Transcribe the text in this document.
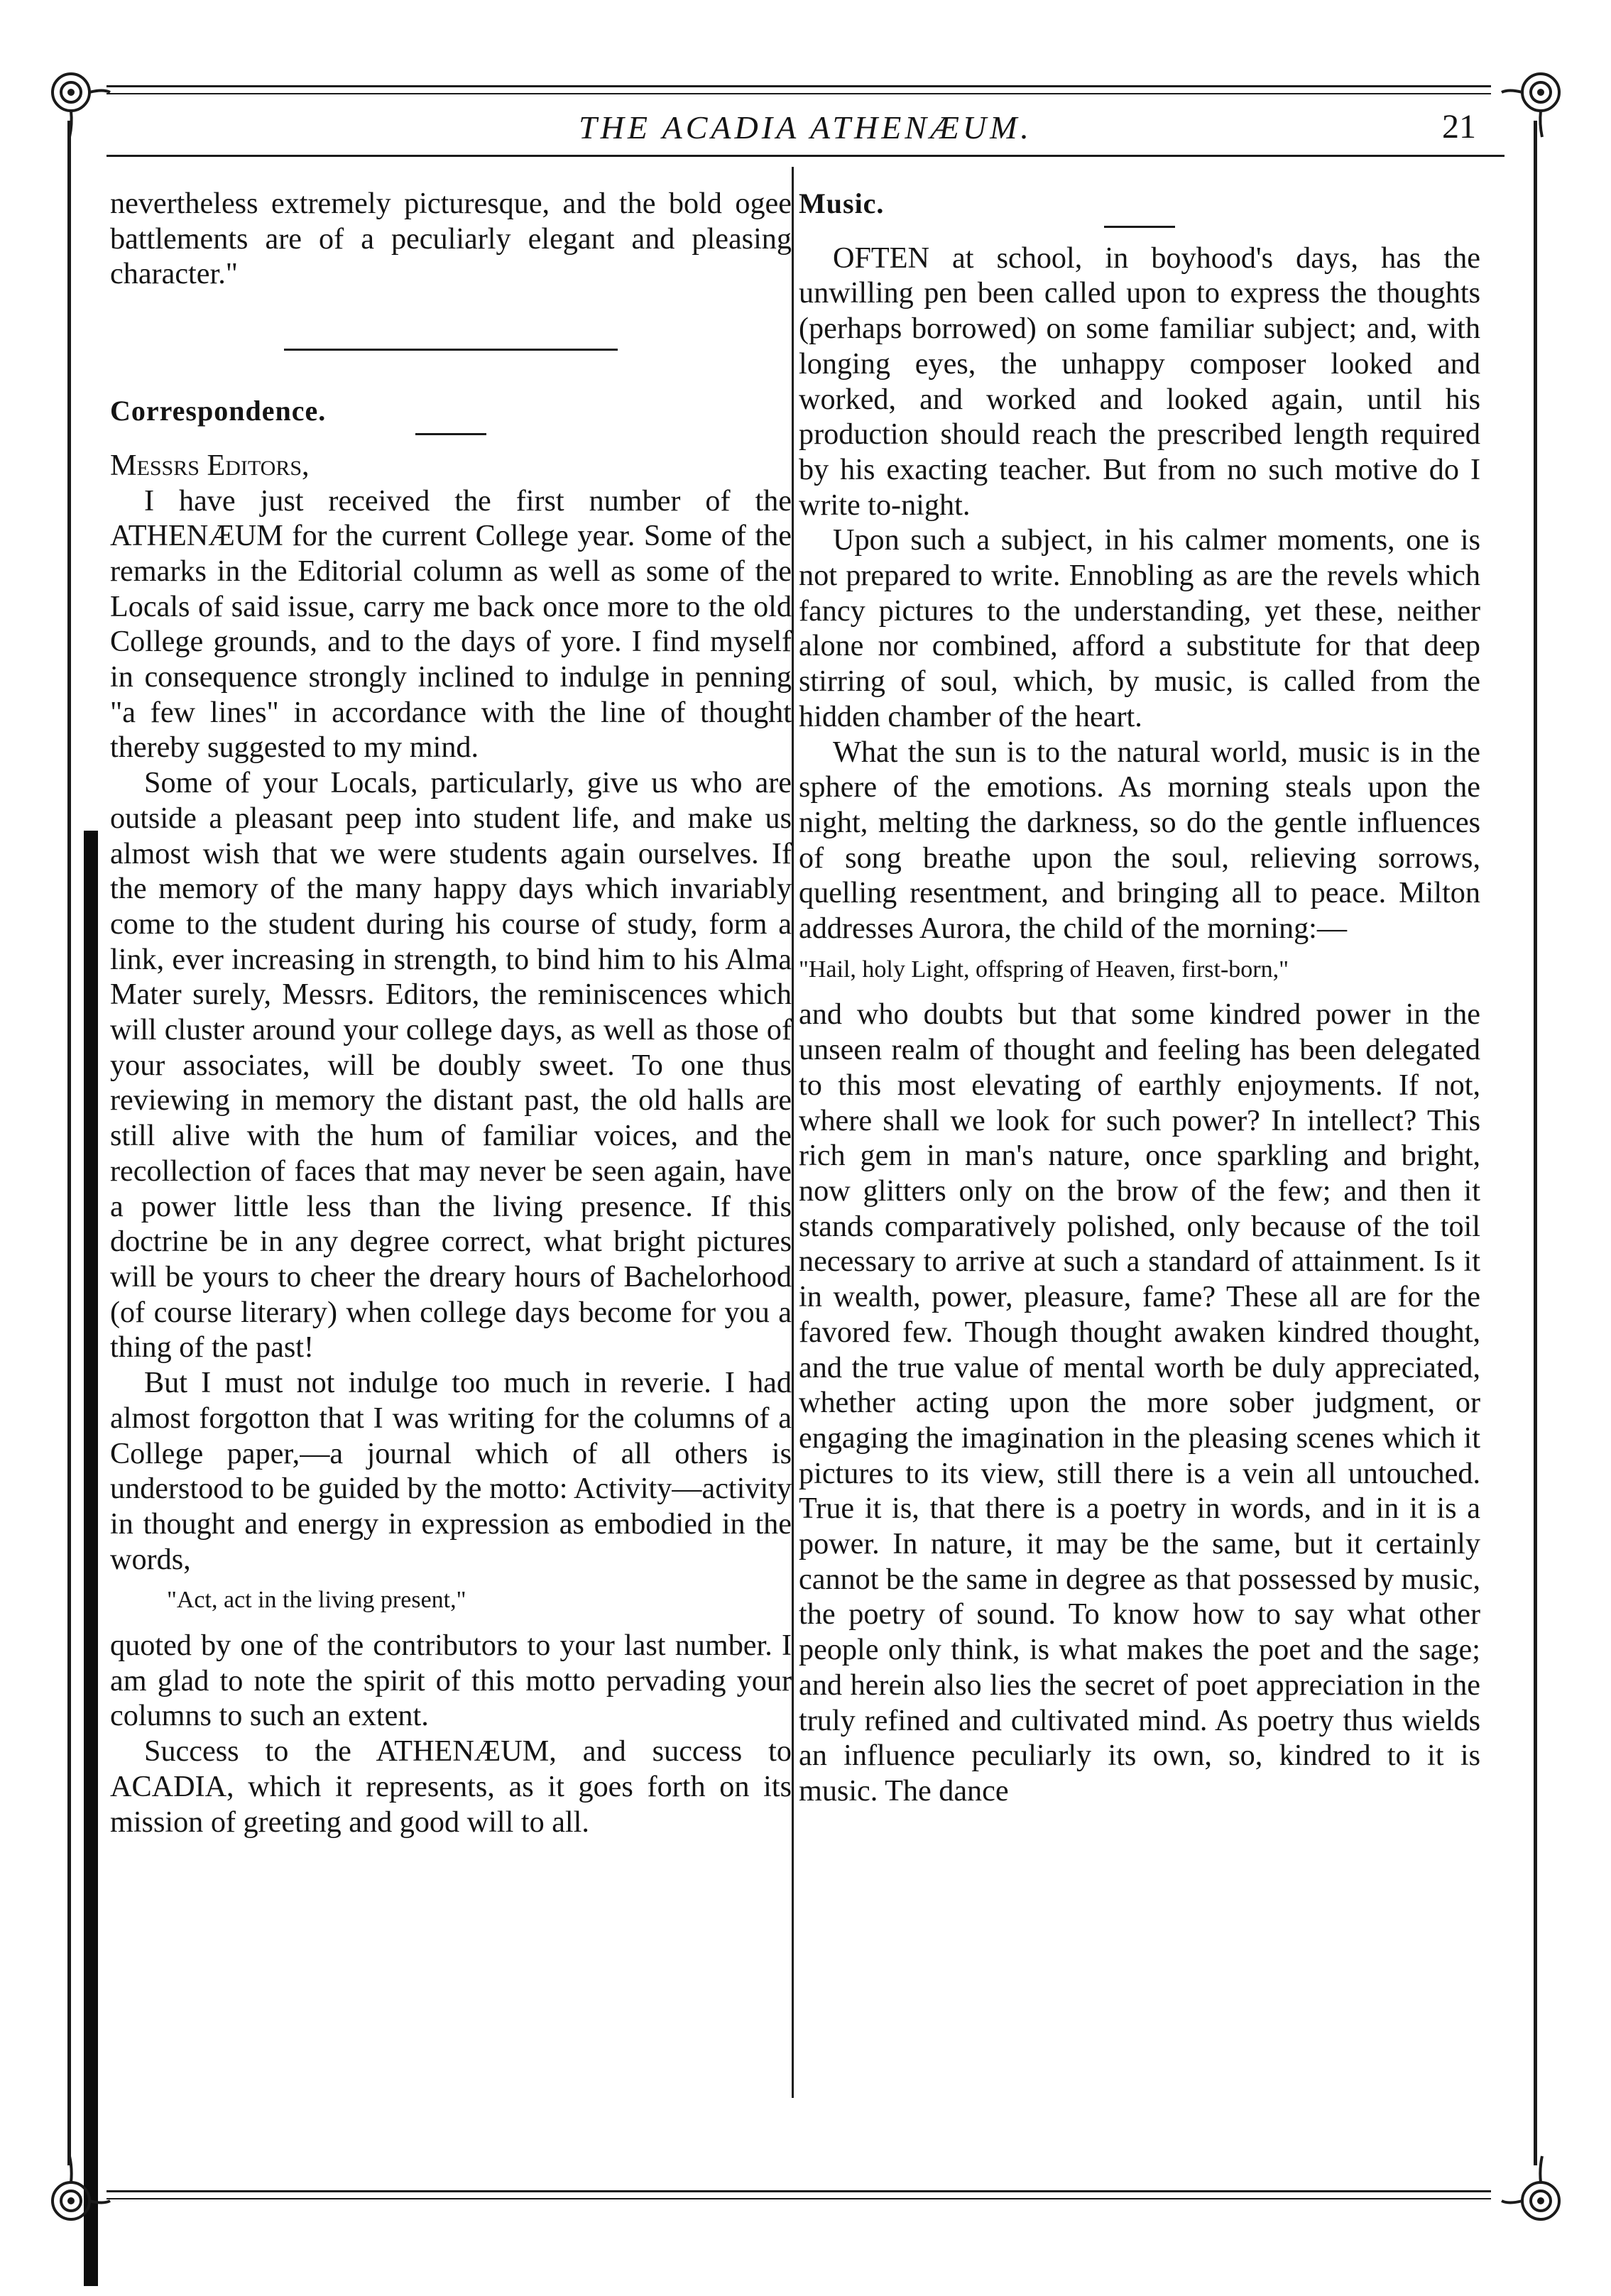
THE ACADIA ATHENÆUM.	21

nevertheless extremely picturesque, and the bold ogee battlements are of a peculiarly elegant and pleasing character."

Correspondence.

Messrs Editors,

I have just received the first number of the ATHENÆUM for the current College year. Some of the remarks in the Editorial column as well as some of the Locals of said issue, carry me back once more to the old College grounds, and to the days of yore. I find myself in consequence strongly inclined to indulge in penning "a few lines" in accordance with the line of thought thereby suggested to my mind.

Some of your Locals, particularly, give us who are outside a pleasant peep into student life, and make us almost wish that we were students again ourselves. If the memory of the many happy days which invariably come to the student during his course of study, form a link, ever increasing in strength, to bind him to his Alma Mater surely, Messrs. Editors, the reminiscences which will cluster around your college days, as well as those of your associates, will be doubly sweet. To one thus reviewing in memory the distant past, the old halls are still alive with the hum of familiar voices, and the recollection of faces that may never be seen again, have a power little less than the living presence. If this doctrine be in any degree correct, what bright pictures will be yours to cheer the dreary hours of Bachelorhood (of course literary) when college days become for you a thing of the past!

But I must not indulge too much in reverie. I had almost forgotton that I was writing for the columns of a College paper,—a journal which of all others is understood to be guided by the motto: Activity—activity in thought and energy in expression as embodied in the words,

"Act, act in the living present,"

quoted by one of the contributors to your last number. I am glad to note the spirit of this motto pervading your columns to such an extent.

Success to the ATHENÆUM, and success to ACADIA, which it represents, as it goes forth on its mission of greeting and good will to all.

Music.

OFTEN at school, in boyhood's days, has the unwilling pen been called upon to express the thoughts (perhaps borrowed) on some familiar subject; and, with longing eyes, the unhappy composer looked and worked, and worked and looked again, until his production should reach the prescribed length required by his exacting teacher. But from no such motive do I write to-night.

Upon such a subject, in his calmer moments, one is not prepared to write. Ennobling as are the revels which fancy pictures to the understanding, yet these, neither alone nor combined, afford a substitute for that deep stirring of soul, which, by music, is called from the hidden chamber of the heart.

What the sun is to the natural world, music is in the sphere of the emotions. As morning steals upon the night, melting the darkness, so do the gentle influences of song breathe upon the soul, relieving sorrows, quelling resentment, and bringing all to peace. Milton addresses Aurora, the child of the morning:—

"Hail, holy Light, offspring of Heaven, first-born,"

and who doubts but that some kindred power in the unseen realm of thought and feeling has been delegated to this most elevating of earthly enjoyments. If not, where shall we look for such power? In intellect? This rich gem in man's nature, once sparkling and bright, now glitters only on the brow of the few; and then it stands comparatively polished, only because of the toil necessary to arrive at such a standard of attainment. Is it in wealth, power, pleasure, fame? These all are for the favored few. Though thought awaken kindred thought, and the true value of mental worth be duly appreciated, whether acting upon the more sober judgment, or engaging the imagination in the pleasing scenes which it pictures to its view, still there is a vein all untouched. True it is, that there is a poetry in words, and in it is a power. In nature, it may be the same, but it certainly cannot be the same in degree as that possessed by music, the poetry of sound. To know how to say what other people only think, is what makes the poet and the sage; and herein also lies the secret of poet appreciation in the truly refined and cultivated mind. As poetry thus wields an influence peculiarly its own, so, kindred to it is music. The dance
